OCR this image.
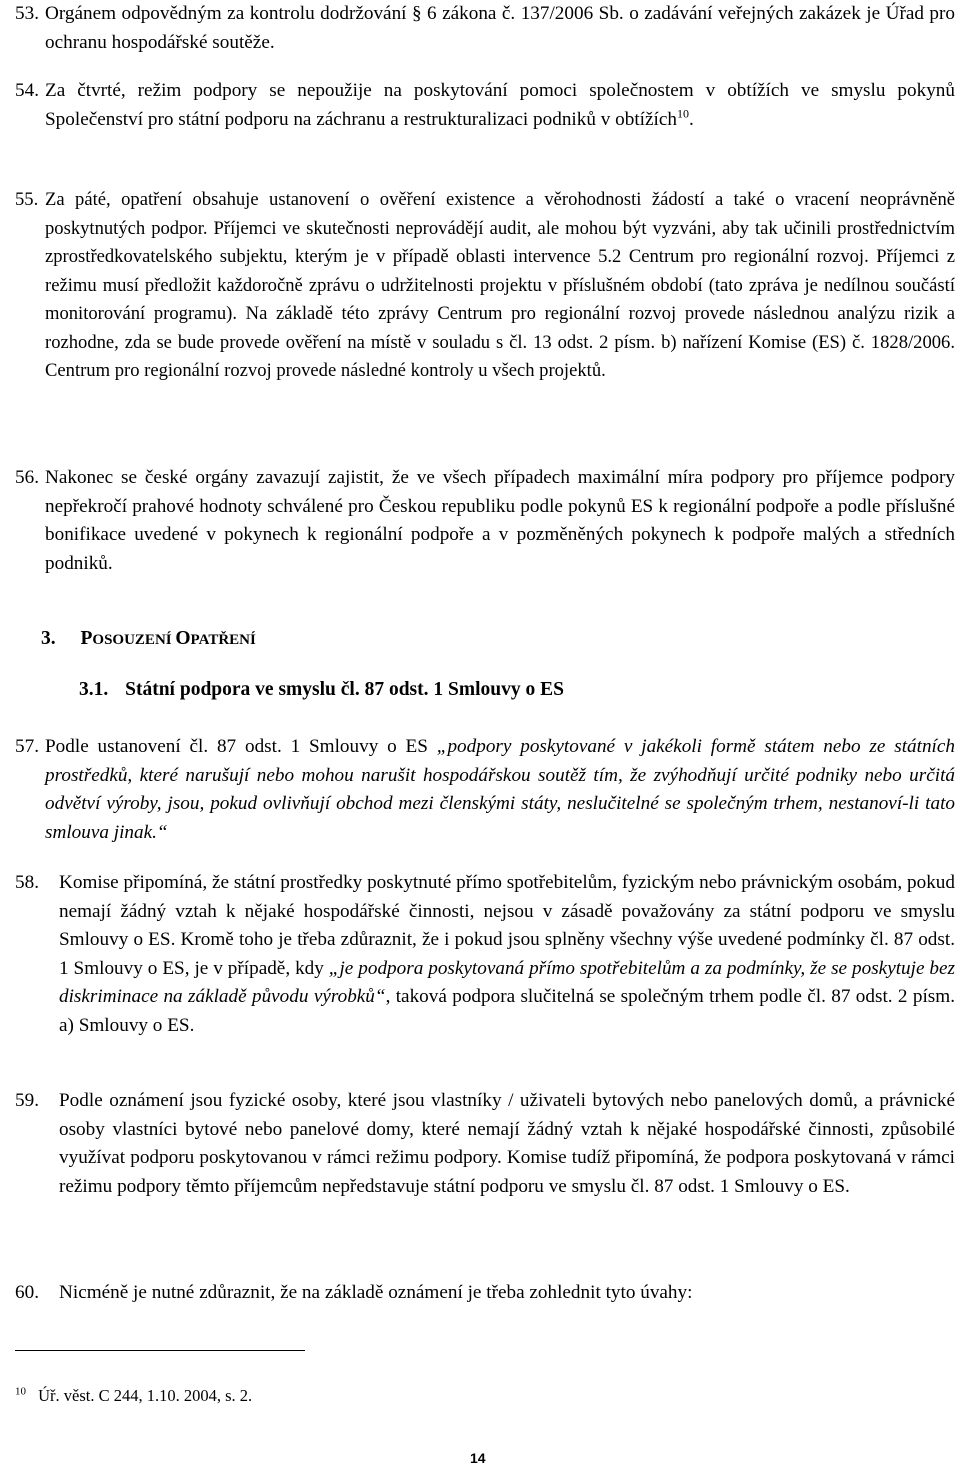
53. Orgánem odpovědným za kontrolu dodržování § 6 zákona č. 137/2006 Sb. o zadávání veřejných zakázek je Úřad pro ochranu hospodářské soutěže.
54. Za čtvrté, režim podpory se nepoužije na poskytování pomoci společnostem v obtížích ve smyslu pokynů Společenství pro státní podporu na záchranu a restrukturalizaci podniků v obtížích$^{10}$.
55. Za páté, opatření obsahuje ustanovení o ověření existence a věrohodnosti žádostí a také o vracení neoprávněně poskytnutých podpor. Příjemci ve skutečnosti neprovádějí audit, ale mohou být vyzváni, aby tak učinili prostřednictvím zprostředkovatelského subjektu, kterým je v případě oblasti intervence 5.2 Centrum pro regionální rozvoj. Příjemci z režimu musí předložit každoročně zprávu o udržitelnosti projektu v příslušném období (tato zpráva je nedílnou součástí monitorování programu). Na základě této zprávy Centrum pro regionální rozvoj provede následnou analýzu rizik a rozhodne, zda se bude provede ověření na místě v souladu s čl. 13 odst. 2 písm. b) nařízení Komise (ES) č. 1828/2006. Centrum pro regionální rozvoj provede následné kontroly u všech projektů.
56. Nakonec se české orgány zavazují zajistit, že ve všech případech maximální míra podpory pro příjemce podpory nepřekročí prahové hodnoty schválené pro Českou republiku podle pokynů ES k regionální podpoře a podle příslušné bonifikace uvedené v pokynech k regionální podpoře a v pozměněných pokynech k podpoře malých a středních podniků.
3. POSOUZENÍ OPATŘENÍ
3.1. Státní podpora ve smyslu čl. 87 odst. 1 Smlouvy o ES
57. Podle ustanovení čl. 87 odst. 1 Smlouvy o ES „podpory poskytované v jakékoli formě státem nebo ze státních prostředků, které narušují nebo mohou narušit hospodářskou soutěž tím, že zvýhodňují určité podniky nebo určitá odvětví výroby, jsou, pokud ovlivňují obchod mezi členskými státy, neslučitelné se společným trhem, nestanoví-li tato smlouva jinak.“
58. Komise připomíná, že státní prostředky poskytnuté přímo spotřebitelům, fyzickým nebo právnickým osobám, pokud nemají žádný vztah k nějaké hospodářské činnosti, nejsou v zásadě považovány za státní podporu ve smyslu Smlouvy o ES. Kromě toho je třeba zdůraznit, že i pokud jsou splněny všechny výše uvedené podmínky čl. 87 odst. 1 Smlouvy o ES, je v případě, kdy „je podpora poskytovaná přímo spotřebitelům a za podmínky, že se poskytuje bez diskriminace na základě původu výrobků“, taková podpora slučitelná se společným trhem podle čl. 87 odst. 2 písm. a) Smlouvy o ES.
59. Podle oznámení jsou fyzické osoby, které jsou vlastníky / uživateli bytových nebo panelových domů, a právnické osoby vlastníci bytové nebo panelové domy, které nemají žádný vztah k nějaké hospodářské činnosti, způsobilé využívat podporu poskytovanou v rámci režimu podpory. Komise tudíž připomíná, že podpora poskytovaná v rámci režimu podpory těmto příjemcům nepředstavuje státní podporu ve smyslu čl. 87 odst. 1 Smlouvy o ES.
60. Nicméně je nutné zdůraznit, že na základě oznámení je třeba zohlednit tyto úvahy:
$^{10}$ Úř. věst. C 244, 1.10. 2004, s. 2.
14
